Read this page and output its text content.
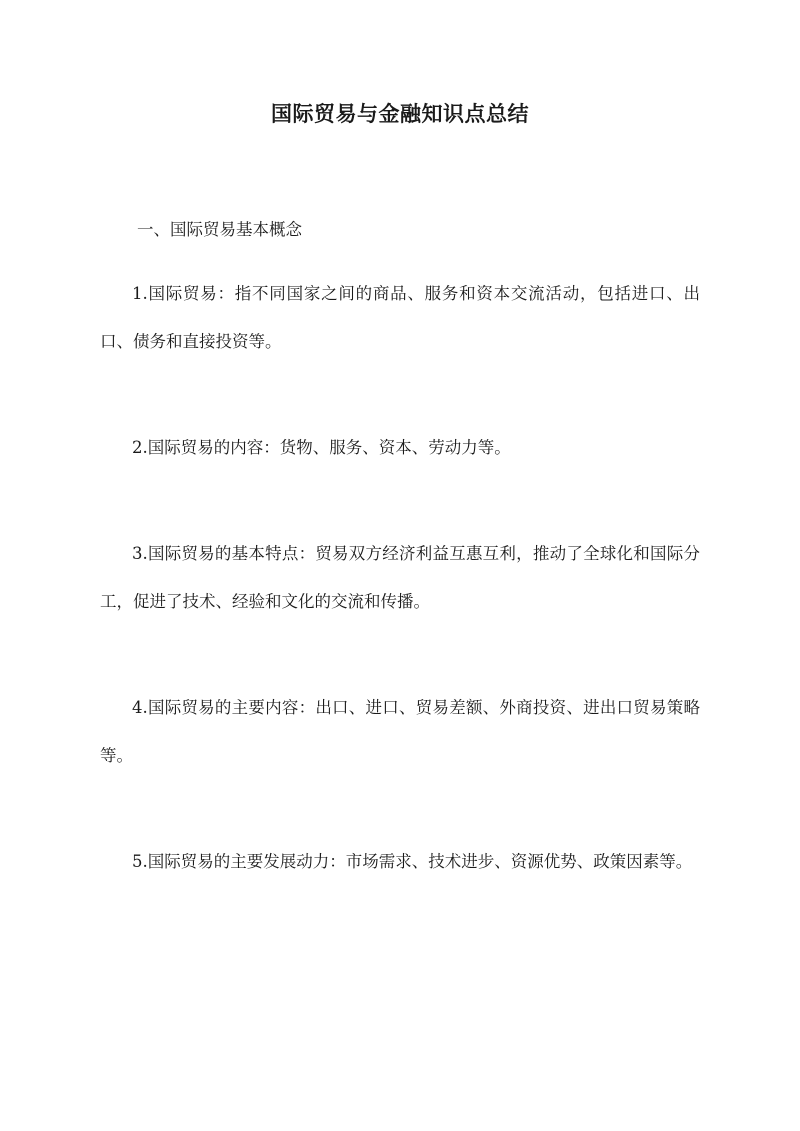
国际贸易与金融知识点总结
一、国际贸易基本概念
1.国际贸易：指不同国家之间的商品、服务和资本交流活动，包括进口、出口、债务和直接投资等。
2.国际贸易的内容：货物、服务、资本、劳动力等。
3.国际贸易的基本特点：贸易双方经济利益互惠互利，推动了全球化和国际分工，促进了技术、经验和文化的交流和传播。
4.国际贸易的主要内容：出口、进口、贸易差额、外商投资、进出口贸易策略等。
5.国际贸易的主要发展动力：市场需求、技术进步、资源优势、政策因素等。
